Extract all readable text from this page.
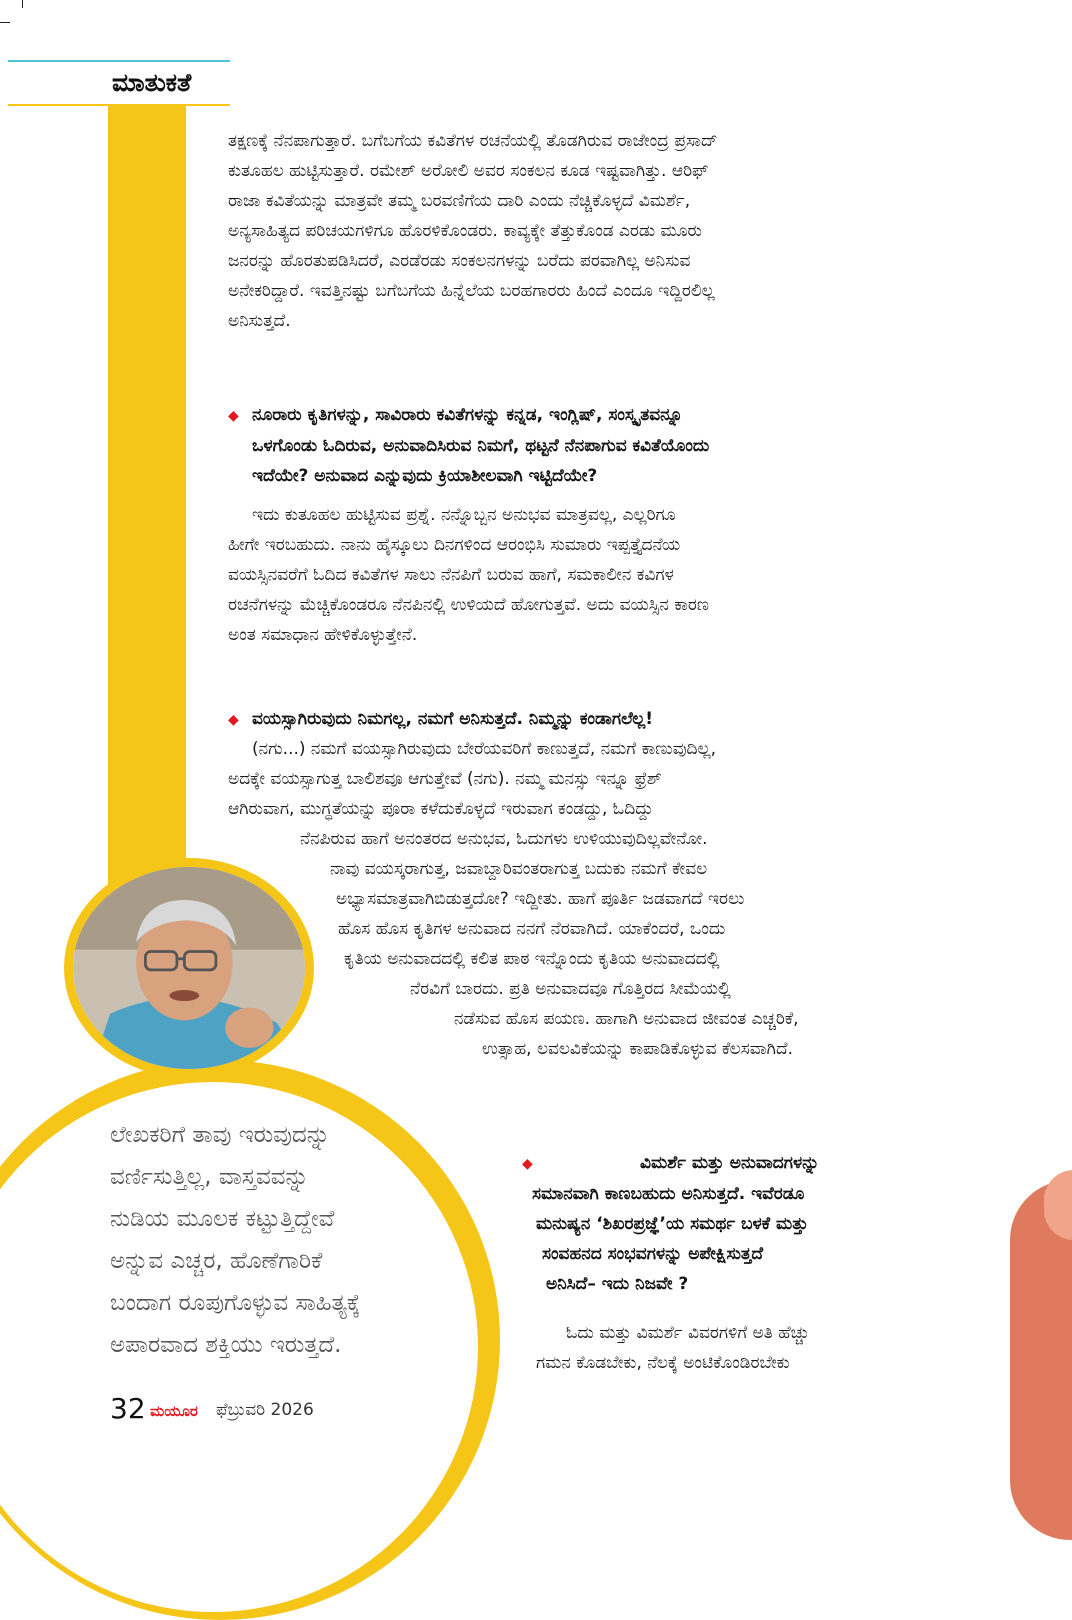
ಮಾತುಕತೆ
ತಕ್ಷಣಕ್ಕೆ ನೆನಪಾಗುತ್ತಾರೆ. ಬಗೆಬಗೆಯ ಕವಿತೆಗಳ ರಚನೆಯಲ್ಲಿ ತೊಡಗಿರುವ ರಾಜೇಂದ್ರ ಪ್ರಸಾದ್
ಕುತೂಹಲ ಹುಟ್ಟಿಸುತ್ತಾರೆ. ರಮೇಶ್ ಅರೋಲಿ ಅವರ ಸಂಕಲನ ಕೂಡ ಇಷ್ಟವಾಗಿತ್ತು. ಆರಿಫ್
ರಾಜಾ ಕವಿತೆಯನ್ನು ಮಾತ್ರವೇ ತಮ್ಮ ಬರವಣಿಗೆಯ ದಾರಿ ಎಂದು ನೆಚ್ಚಿಕೊಳ್ಳದೆ ವಿಮರ್ಶೆ,
ಅನ್ಯಸಾಹಿತ್ಯದ ಪರಿಚಯಗಳಿಗೂ ಹೊರಳಿಕೊಂಡರು. ಕಾವ್ಯಕ್ಕೇ ತೆತ್ತುಕೊಂಡ ಎರಡು ಮೂರು
ಜನರನ್ನು ಹೊರತುಪಡಿಸಿದರೆ, ಎರಡೆರಡು ಸಂಕಲನಗಳನ್ನು ಬರೆದು ಪರವಾಗಿಲ್ಲ ಅನಿಸುವ
ಅನೇಕರಿದ್ದಾರೆ. ಇವತ್ತಿನಷ್ಟು ಬಗೆಬಗೆಯ ಹಿನ್ನೆಲೆಯ ಬರಹಗಾರರು ಹಿಂದೆ ಎಂದೂ ಇದ್ದಿರಲಿಲ್ಲ
ಅನಿಸುತ್ತದೆ.
◆ ನೂರಾರು ಕೃತಿಗಳನ್ನು, ಸಾವಿರಾರು ಕವಿತೆಗಳನ್ನು ಕನ್ನಡ, ಇಂಗ್ಲಿಷ್, ಸಂಸ್ಕೃತವನ್ನೂ
ಒಳಗೊಂಡು ಓದಿರುವ, ಅನುವಾದಿಸಿರುವ ನಿಮಗೆ, ಥಟ್ಟನೆ ನೆನಪಾಗುವ ಕವಿತೆಯೊಂದು
ಇದೆಯೇ? ಅನುವಾದ ಎನ್ನುವುದು ಕ್ರಿಯಾಶೀಲವಾಗಿ ಇಟ್ಟಿದೆಯೇ?
ಇದು ಕುತೂಹಲ ಹುಟ್ಟಿಸುವ ಪ್ರಶ್ನೆ. ನನ್ನೊಬ್ಬನ ಅನುಭವ ಮಾತ್ರವಲ್ಲ, ಎಲ್ಲರಿಗೂ
ಹೀಗೇ ಇರಬಹುದು. ನಾನು ಹೈಸ್ಕೂಲು ದಿನಗಳಿಂದ ಆರಂಭಿಸಿ ಸುಮಾರು ಇಪ್ಪತ್ತೈದನೆಯ
ವಯಸ್ಸಿನವರೆಗೆ ಓದಿದ ಕವಿತೆಗಳ ಸಾಲು ನೆನಪಿಗೆ ಬರುವ ಹಾಗೆ, ಸಮಕಾಲೀನ ಕವಿಗಳ
ರಚನೆಗಳನ್ನು ಮೆಚ್ಚಿಕೊಂಡರೂ ನೆನಪಿನಲ್ಲಿ ಉಳಿಯದೆ ಹೋಗುತ್ತವೆ. ಅದು ವಯಸ್ಸಿನ ಕಾರಣ
ಅಂತ ಸಮಾಧಾನ ಹೇಳಿಕೊಳ್ಳುತ್ತೇನೆ.
◆ ವಯಸ್ಸಾಗಿರುವುದು ನಿಮಗಲ್ಲ, ನಮಗೆ ಅನಿಸುತ್ತದೆ. ನಿಮ್ಮನ್ನು ಕಂಡಾಗಲೆಲ್ಲ!
(ನಗು...) ನಮಗೆ ವಯಸ್ಸಾಗಿರುವುದು ಬೇರೆಯವರಿಗೆ ಕಾಣುತ್ತದೆ, ನಮಗೆ ಕಾಣುವುದಿಲ್ಲ,
ಅದಕ್ಕೇ ವಯಸ್ಸಾಗುತ್ತ ಬಾಲಿಶವೂ ಆಗುತ್ತೇವೆ (ನಗು). ನಮ್ಮ ಮನಸ್ಸು ಇನ್ನೂ ಫ್ರೆಶ್
ಆಗಿರುವಾಗ, ಮುಗ್ಧತೆಯನ್ನು ಪೂರಾ ಕಳೆದುಕೊಳ್ಳದೆ ಇರುವಾಗ ಕಂಡದ್ದು, ಓದಿದ್ದು
ನೆನಪಿರುವ ಹಾಗೆ ಅನಂತರದ ಅನುಭವ, ಓದುಗಳು ಉಳಿಯುವುದಿಲ್ಲವೇನೋ.
ನಾವು ವಯಸ್ಕರಾಗುತ್ತ, ಜವಾಬ್ದಾರಿವಂತರಾಗುತ್ತ ಬದುಕು ನಮಗೆ ಕೇವಲ
ಅಭ್ಯಾಸಮಾತ್ರವಾಗಿಬಿಡುತ್ತದೋ? ಇದ್ದೀತು. ಹಾಗೆ ಪೂರ್ತಿ ಜಡವಾಗದೆ ಇರಲು
ಹೊಸ ಹೊಸ ಕೃತಿಗಳ ಅನುವಾದ ನನಗೆ ನೆರವಾಗಿದೆ. ಯಾಕೆಂದರೆ, ಒಂದು
ಕೃತಿಯ ಅನುವಾದದಲ್ಲಿ ಕಲಿತ ಪಾಠ ಇನ್ನೊಂದು ಕೃತಿಯ ಅನುವಾದದಲ್ಲಿ
ನೆರವಿಗೆ ಬಾರದು. ಪ್ರತಿ ಅನುವಾದವೂ ಗೊತ್ತಿರದ ಸೀಮೆಯಲ್ಲಿ
ನಡೆಸುವ ಹೊಸ ಪಯಣ. ಹಾಗಾಗಿ ಅನುವಾದ ಜೀವಂತ ಎಚ್ಚರಿಕೆ,
ಉತ್ಸಾಹ, ಲವಲವಿಕೆಯನ್ನು ಕಾಪಾಡಿಕೊಳ್ಳುವ ಕೆಲಸವಾಗಿದೆ.
ಲೇಖಕರಿಗೆ ತಾವು ಇರುವುದನ್ನು
ವರ್ಣಿಸುತ್ತಿಲ್ಲ, ವಾಸ್ತವವನ್ನು
ನುಡಿಯ ಮೂಲಕ ಕಟ್ಟುತ್ತಿದ್ದೇವೆ
ಅನ್ನುವ ಎಚ್ಚರ, ಹೊಣೆಗಾರಿಕೆ
ಬಂದಾಗ ರೂಪುಗೊಳ್ಳುವ ಸಾಹಿತ್ಯಕ್ಕೆ
ಅಪಾರವಾದ ಶಕ್ತಿಯು ಇರುತ್ತದೆ.
◆	ವಿಮರ್ಶೆ ಮತ್ತು ಅನುವಾದಗಳನ್ನು
ಸಮಾನವಾಗಿ ಕಾಣಬಹುದು ಅನಿಸುತ್ತದೆ. ಇವೆರಡೂ
ಮನುಷ್ಯನ ‘ಶಿಖರಪ್ರಜ್ಞೆ’ಯ ಸಮರ್ಥ ಬಳಕೆ ಮತ್ತು
ಸಂವಹನದ ಸಂಭವಗಳನ್ನು ಅಪೇಕ್ಷಿಸುತ್ತದೆ
ಅನಿಸಿದೆ– ಇದು ನಿಜವೇ ?
ಓದು ಮತ್ತು ವಿಮರ್ಶೆ ವಿವರಗಳಿಗೆ ಅತಿ ಹೆಚ್ಚು
ಗಮನ ಕೊಡಬೇಕು, ನೆಲಕ್ಕೆ ಅಂಟಿಕೊಂಡಿರಬೇಕು
32 ಮಯೂರ ಫೆಬ್ರುವರಿ 2026
